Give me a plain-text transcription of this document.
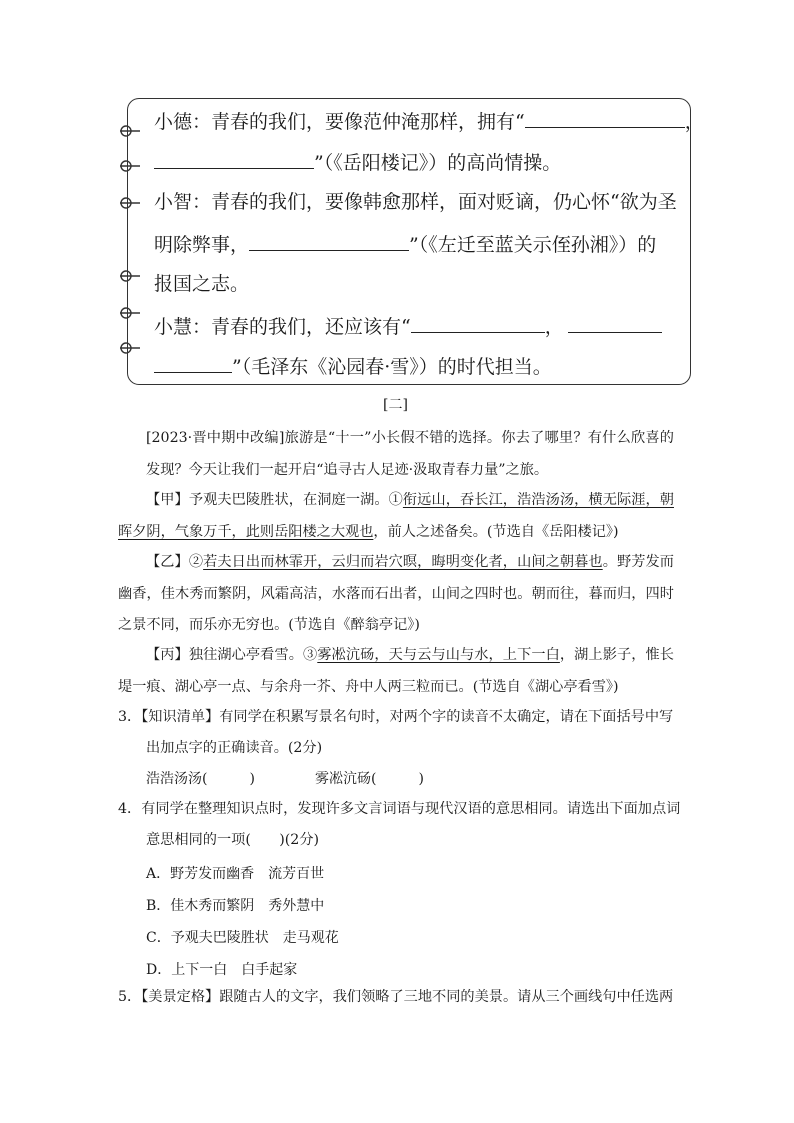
小德：青春的我们，要像范仲淹那样，拥有“	，
”（《岳阳楼记》）的高尚情操。
小智：青春的我们，要像韩愈那样，面对贬谪，仍心怀“欲为圣
明除弊事，	”（《左迁至蓝关示侄孙湘》）的
报国之志。
小慧：青春的我们，还应该有“	，
”（毛泽东《沁园春·雪》）的时代担当。
[二]

[2023·晋中期中改编]旅游是“十一”小长假不错的选择。你去了哪里？有什么欣喜的发现？今天让我们一起开启“追寻古人足迹·汲取青春力量”之旅。

【甲】予观夫巴陵胜状，在洞庭一湖。①衔远山，吞长江，浩浩汤汤，横无际涯，朝晖夕阴，气象万千，此则岳阳楼之大观也，前人之述备矣。(节选自《岳阳楼记》)

【乙】②若夫日出而林霏开，云归而岩穴暝，晦明变化者，山间之朝暮也。野芳发而幽香，佳木秀而繁阴，风霜高洁，水落而石出者，山间之四时也。朝而往，暮而归，四时之景不同，而乐亦无穷也。(节选自《醉翁亭记》)

【丙】独往湖心亭看雪。③雾凇沆砀，天与云与山与水，上下一白，湖上影子，惟长堤一痕、湖心亭一点、与余舟一芥、舟中人两三粒而已。(节选自《湖心亭看雪》)

3．【知识清单】有同学在积累写景名句时，对两个字的读音不太确定，请在下面括号中写
出加点字的正确读音。(2分)
浩浩汤汤(　　　)	雾凇沆砀(　　　)
4．有同学在整理知识点时，发现许多文言词语与现代汉语的意思相同。请选出下面加点词
意思相同的一项(　　)(2分)
A．野芳发而幽香　流芳百世
B．佳木秀而繁阴　秀外慧中
C．予观夫巴陵胜状　走马观花
D．上下一白　白手起家
5．【美景定格】跟随古人的文字，我们领略了三地不同的美景。请从三个画线句中任选两
